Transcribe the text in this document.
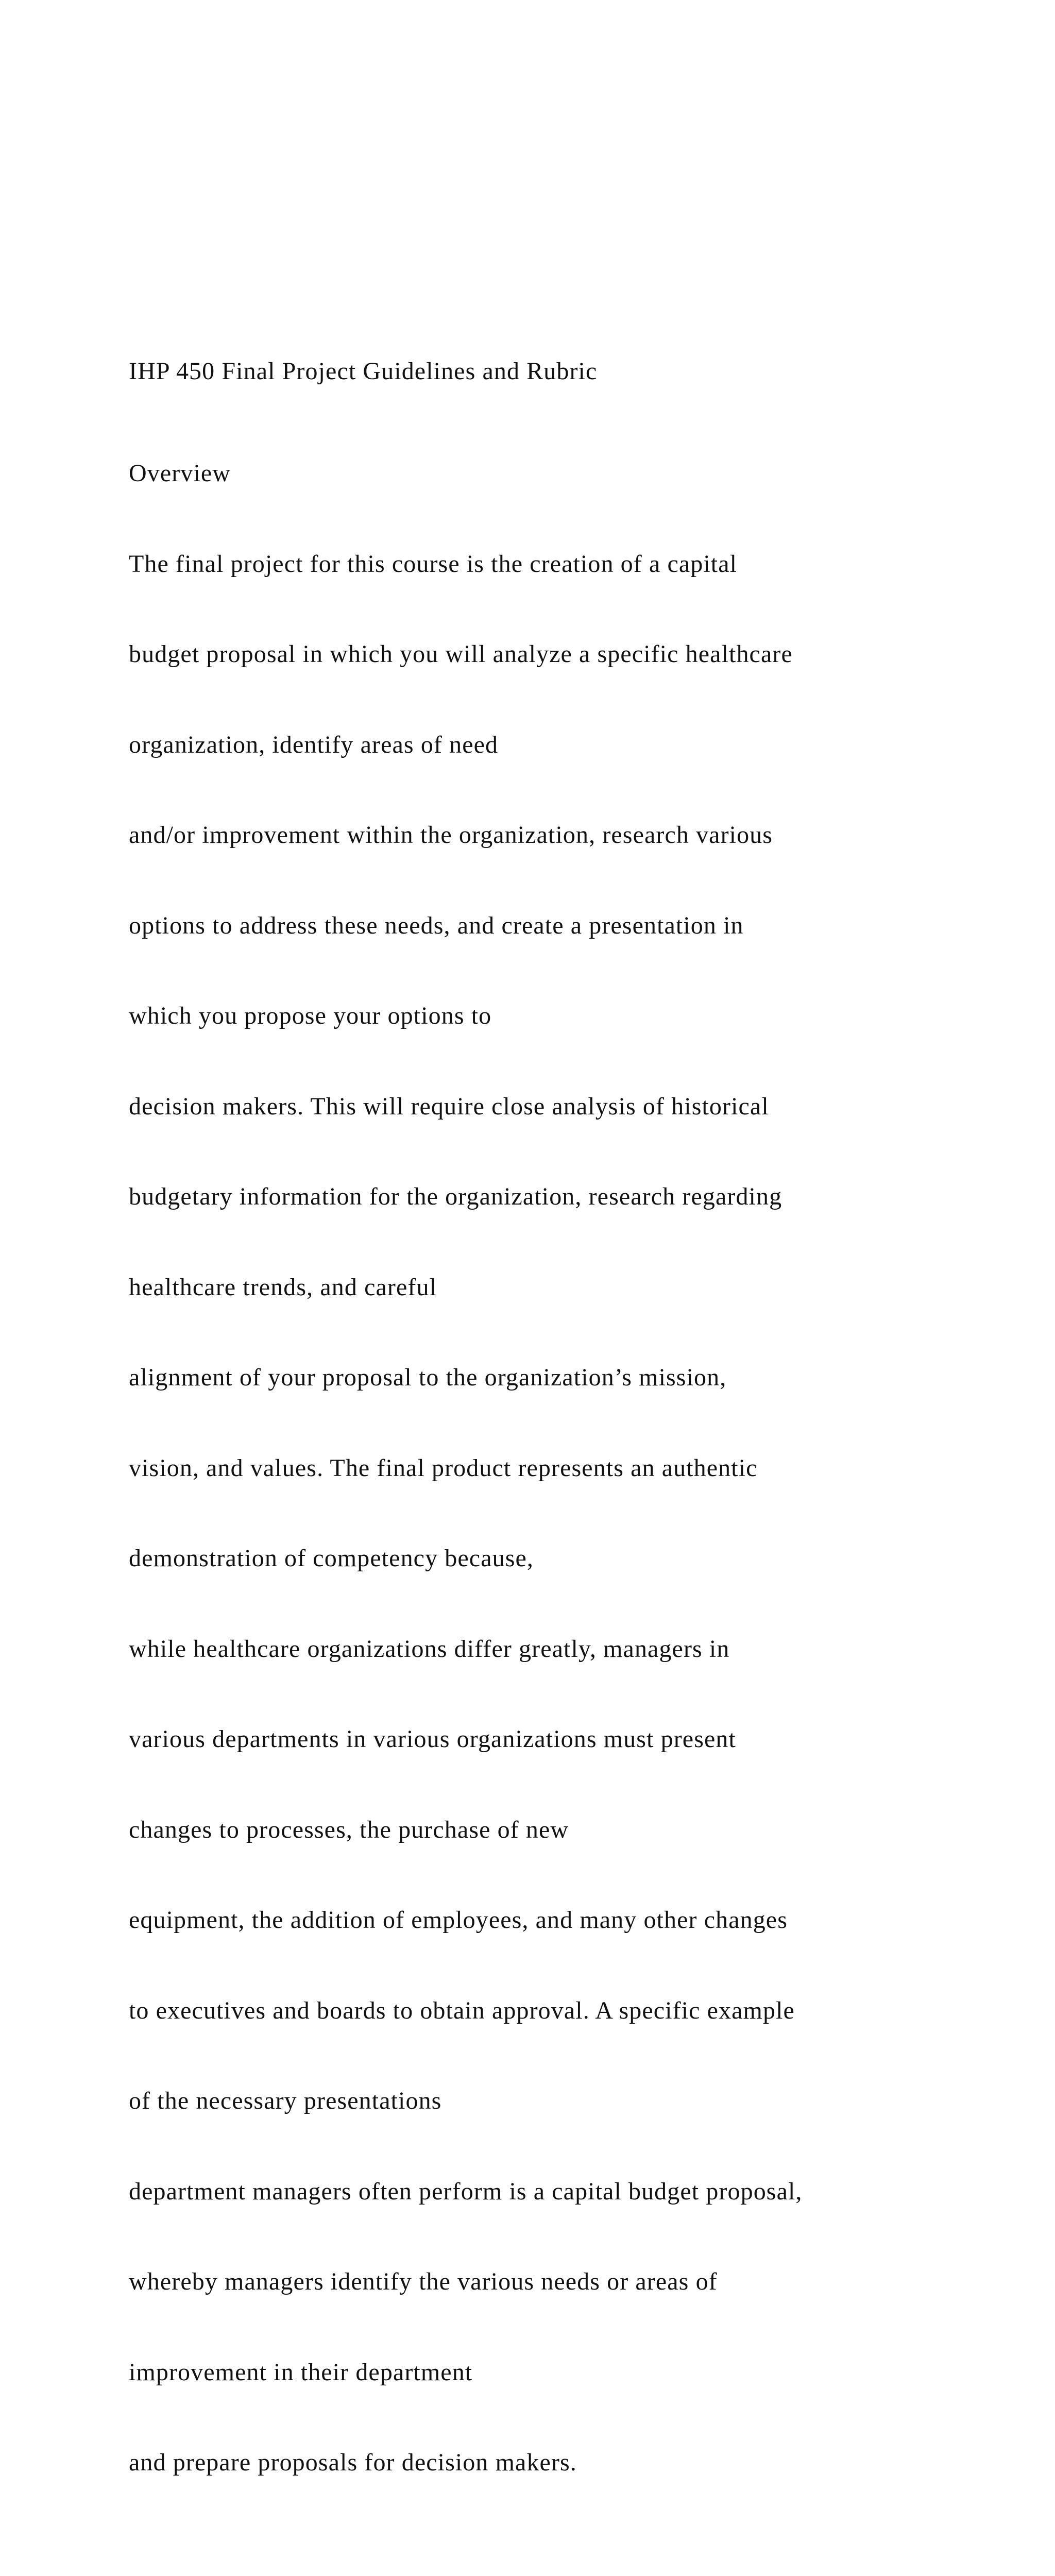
IHP 450 Final Project Guidelines and Rubric

Overview

The final project for this course is the creation of a capital

budget proposal in which you will analyze a specific healthcare

organization, identify areas of need

and/or improvement within the organization, research various

options to address these needs, and create a presentation in

which you propose your options to

decision makers. This will require close analysis of historical

budgetary information for the organization, research regarding

healthcare trends, and careful

alignment of your proposal to the organization’s mission,

vision, and values. The final product represents an authentic

demonstration of competency because,

while healthcare organizations differ greatly, managers in

various departments in various organizations must present

changes to processes, the purchase of new

equipment, the addition of employees, and many other changes

to executives and boards to obtain approval. A specific example

of the necessary presentations

department managers often perform is a capital budget proposal,

whereby managers identify the various needs or areas of

improvement in their department

and prepare proposals for decision makers.
